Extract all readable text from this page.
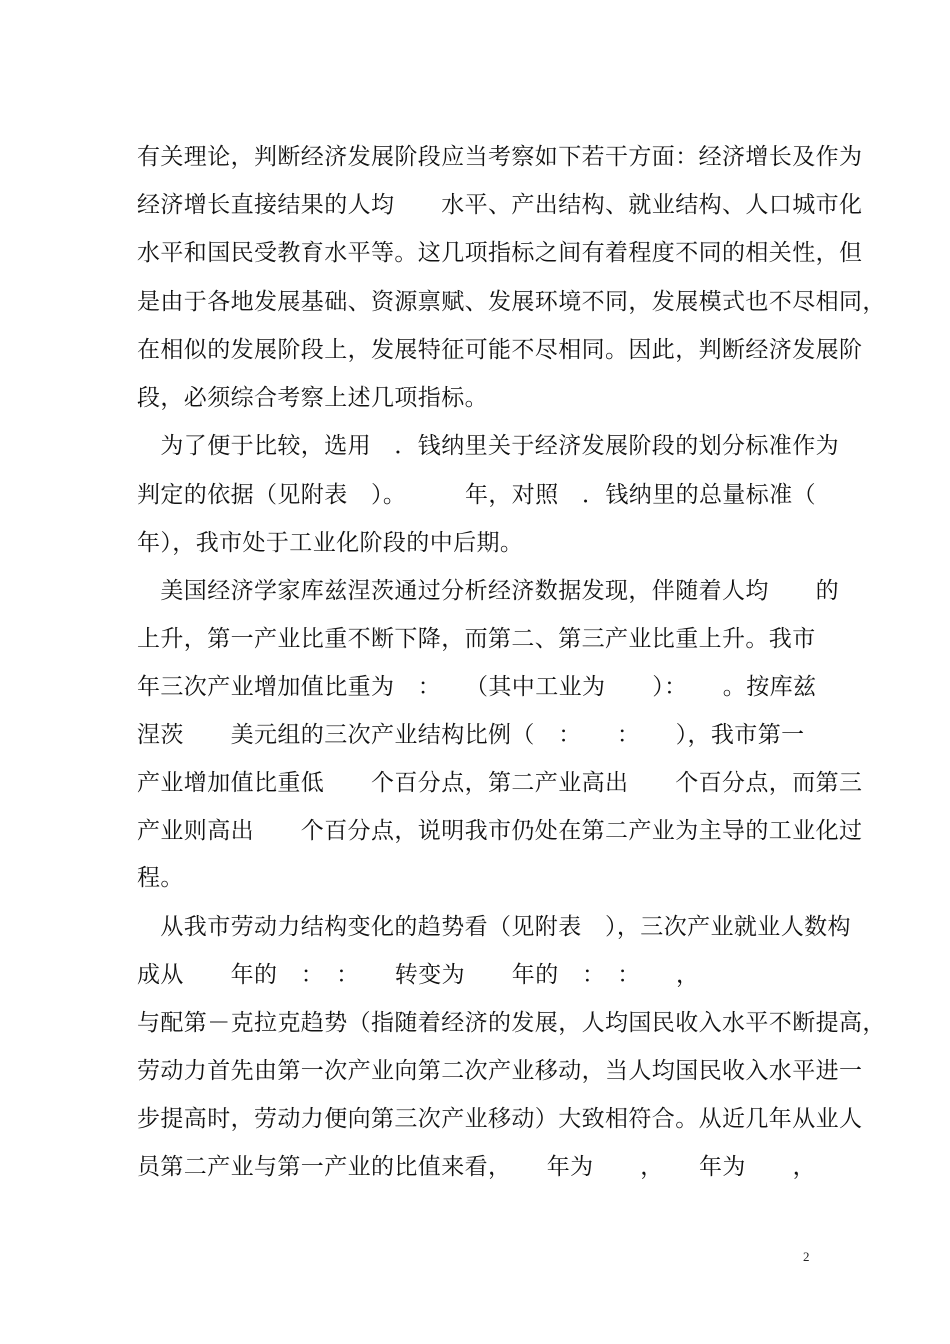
有关理论，判断经济发展阶段应当考察如下若干方面：经济增长及作为
经济增长直接结果的人均　　水平、产出结构、就业结构、人口城市化
水平和国民受教育水平等。这几项指标之间有着程度不同的相关性，但
是由于各地发展基础、资源禀赋、发展环境不同，发展模式也不尽相同，
在相似的发展阶段上，发展特征可能不尽相同。因此，判断经济发展阶
段，必须综合考察上述几项指标。
　为了便于比较，选用　．钱纳里关于经济发展阶段的划分标准作为
判定的依据（见附表　）。　　　年，对照　．钱纳里的总量标准（
年），我市处于工业化阶段的中后期。
　美国经济学家库兹涅茨通过分析经济数据发现，伴随着人均　　的
上升，第一产业比重不断下降，而第二、第三产业比重上升。我市
年三次产业增加值比重为　：　　（其中工业为　　）：　　。按库兹
涅茨　　美元组的三次产业结构比例（　：　　：　　），我市第一
产业增加值比重低　　个百分点，第二产业高出　　个百分点，而第三
产业则高出　　个百分点，说明我市仍处在第二产业为主导的工业化过
程。
　从我市劳动力结构变化的趋势看（见附表　），三次产业就业人数构
成从　　年的　：　：　　转变为　　年的　：　：　　，
与配第－克拉克趋势（指随着经济的发展，人均国民收入水平不断提高，
劳动力首先由第一次产业向第二次产业移动，当人均国民收入水平进一
步提高时，劳动力便向第三次产业移动）大致相符合。从近几年从业人
员第二产业与第一产业的比值来看，　　年为　　，　　年为　　，
2
